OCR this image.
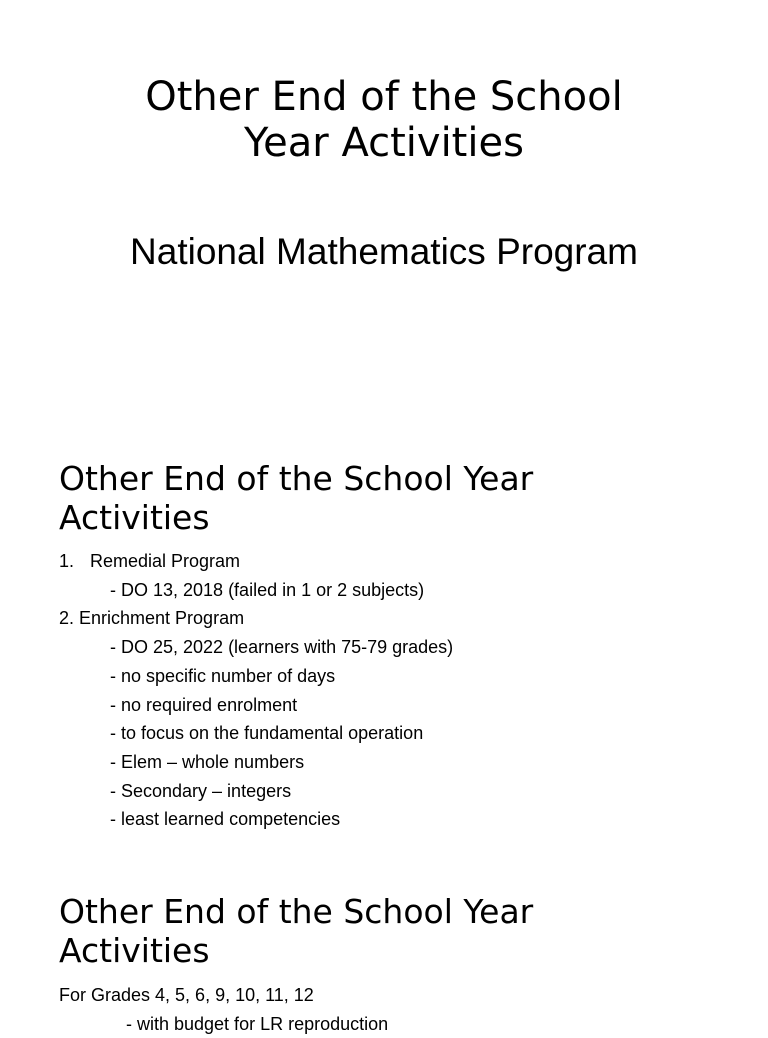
Other End of the School
Year Activities
National Mathematics Program
Other End of the School Year
Activities
1. Remedial Program
- DO 13, 2018 (failed in 1 or 2 subjects)
2. Enrichment Program
- DO 25, 2022 (learners with 75-79 grades)
- no specific number of days
- no required enrolment
- to focus on the fundamental operation
- Elem – whole numbers
- Secondary – integers
- least learned competencies
Other End of the School Year
Activities
For Grades 4, 5, 6, 9, 10, 11, 12
- with budget for LR reproduction
